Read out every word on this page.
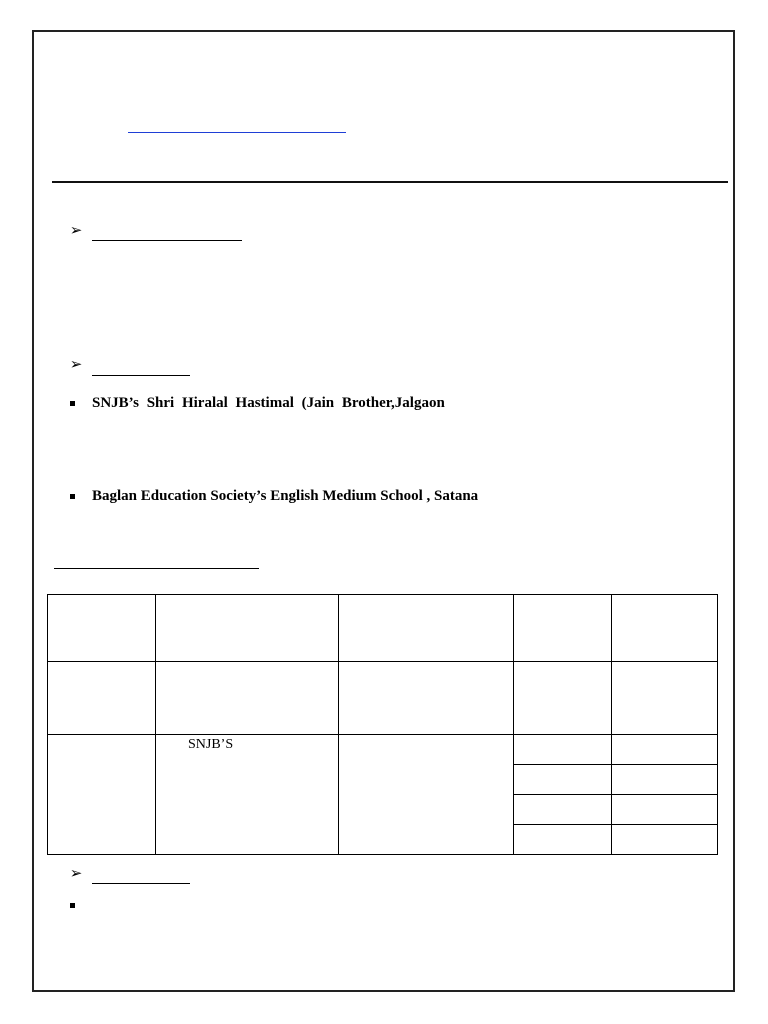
➢
➢
SNJB’s Shri Hiralal Hastimal (Jain Brother,Jalgaon
Baglan Education Society’s English Medium School , Satana

	SNJB’S			

➢
